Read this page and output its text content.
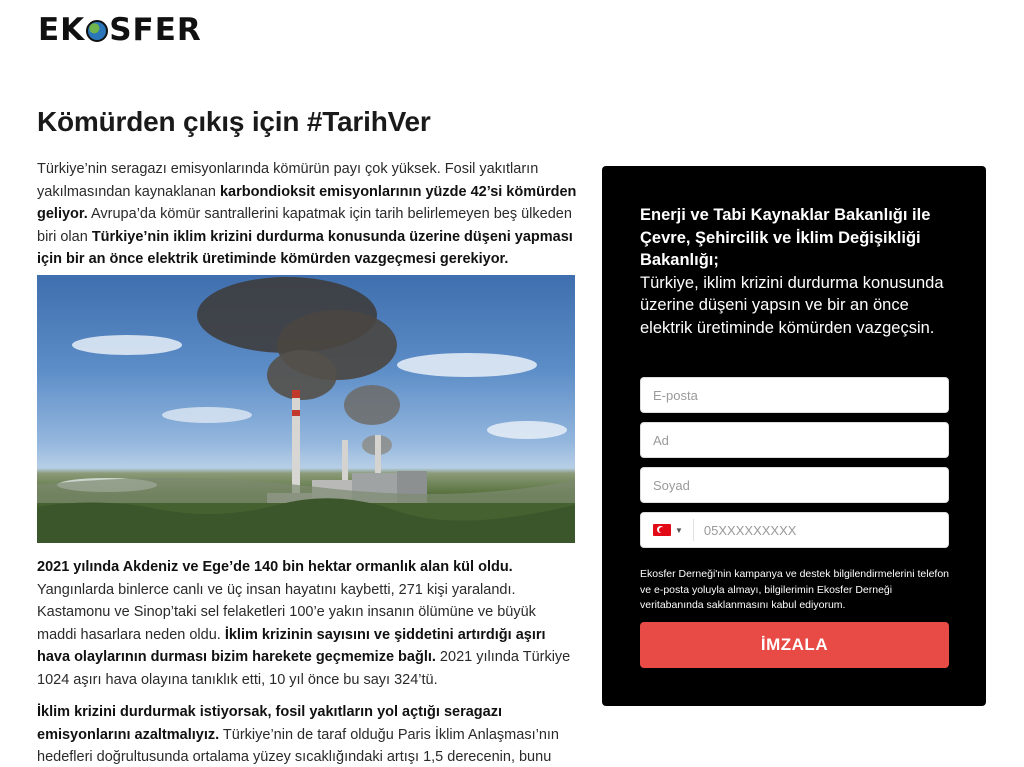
EK SFER
Kömürden çıkış için #TarihVer

Türkiye’nin seragazı emisyonlarında kömürün payı çok yüksek. Fosil yakıtların yakılmasından kaynaklanan karbondioksit emisyonlarının yüzde 42’si kömürden geliyor. Avrupa’da kömür santrallerini kapatmak için tarih belirlemeyen beş ülkeden biri olan Türkiye’nin iklim krizini durdurma konusunda üzerine düşeni yapması için bir an önce elektrik üretiminde kömürden vazgeçmesi gerekiyor.

2021 yılında Akdeniz ve Ege’de 140 bin hektar ormanlık alan kül oldu. Yangınlarda binlerce canlı ve üç insan hayatını kaybetti, 271 kişi yaralandı. Kastamonu ve Sinop’taki sel felaketleri 100’e yakın insanın ölümüne ve büyük maddi hasarlara neden oldu. İklim krizinin sayısını ve şiddetini artırdığı aşırı hava olaylarının durması bizim harekete geçmemize bağlı. 2021 yılında Türkiye 1024 aşırı hava olayına tanıklık etti, 10 yıl önce bu sayı 324’tü.

İklim krizini durdurmak istiyorsak, fosil yakıtların yol açtığı seragazı emisyonlarını azaltmalıyız. Türkiye’nin de taraf olduğu Paris İklim Anlaşması’nın hedefleri doğrultusunda ortalama yüzey sıcaklığındaki artışı 1,5 derecenin, bunu

Enerji ve Tabi Kaynaklar Bakanlığı ile Çevre, Şehircilik ve İklim Değişikliği Bakanlığı;
Türkiye, iklim krizini durdurma konusunda üzerine düşeni yapsın ve bir an önce elektrik üretiminde kömürden vazgeçsin.
E-posta
Ad
Soyad
▼
05XXXXXXXXX

Ekosfer Derneği'nin kampanya ve destek bilgilendirmelerini telefon ve e-posta yoluyla almayı, bilgilerimin Ekosfer Derneği veritabanında saklanmasını kabul ediyorum.

İMZALA
